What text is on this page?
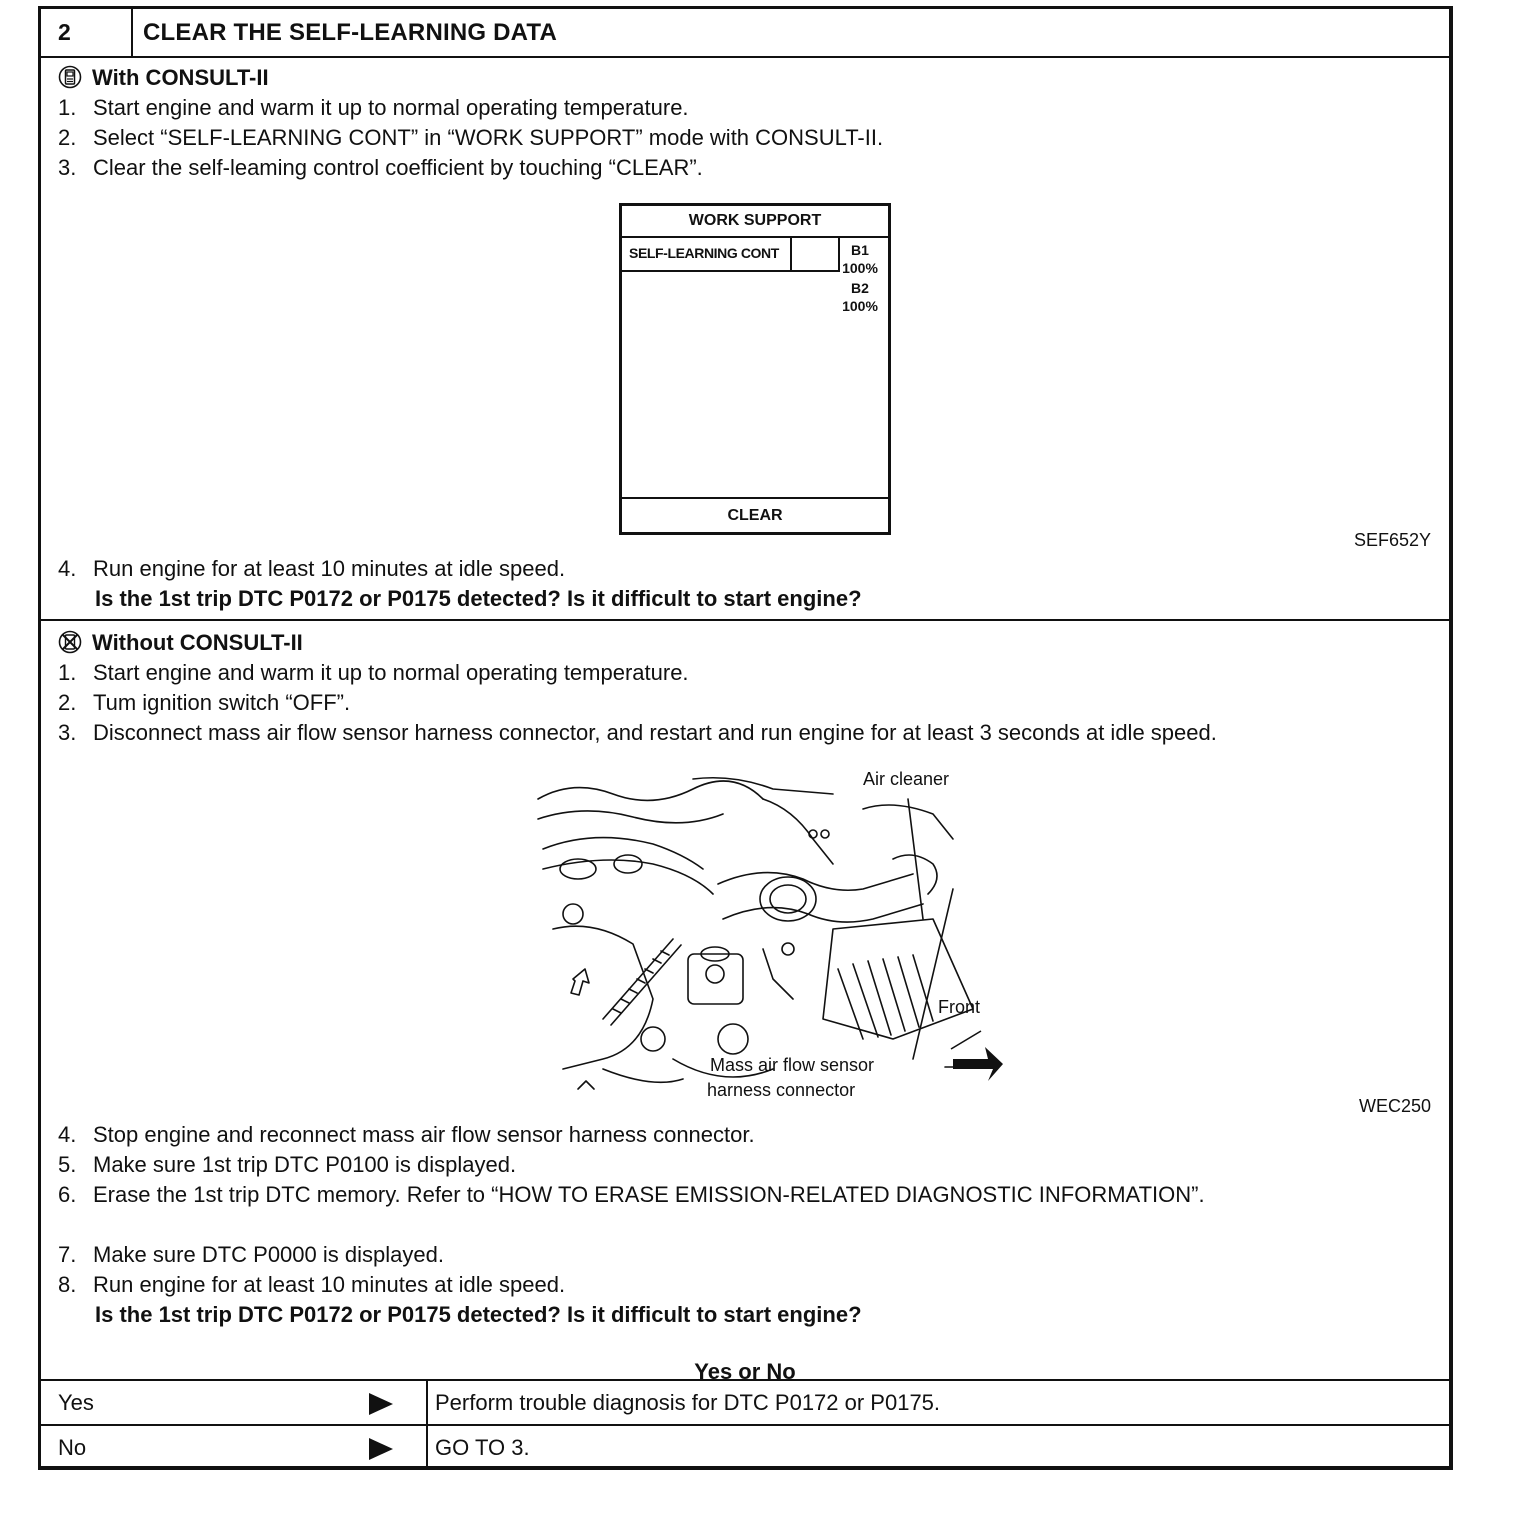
2	CLEAR THE SELF-LEARNING DATA
With CONSULT-II
1. Start engine and warm it up to normal operating temperature.
2. Select “SELF-LEARNING CONT” in “WORK SUPPORT” mode with CONSULT-II.
3. Clear the self-leaming control coefficient by touching “CLEAR”.
WORK SUPPORT
SELF-LEARNING CONT	B1
100%
B2
100%
CLEAR
SEF652Y
4. Run engine for at least 10 minutes at idle speed.
Is the 1st trip DTC P0172 or P0175 detected? Is it difficult to start engine?
Without CONSULT-II
1. Start engine and warm it up to normal operating temperature.
2. Tum ignition switch “OFF”.
3. Disconnect mass air flow sensor harness connector, and restart and run engine for at least 3 seconds at idle speed.
Air cleaner
Front
Mass air flow sensor
harness connector
WEC250
4. Stop engine and reconnect mass air flow sensor harness connector.
5. Make sure 1st trip DTC P0100 is displayed.
6. Erase the 1st trip DTC memory. Refer to “HOW TO ERASE EMISSION-RELATED DIAGNOSTIC INFORMATION”.
7. Make sure DTC P0000 is displayed.
8. Run engine for at least 10 minutes at idle speed.
Is the 1st trip DTC P0172 or P0175 detected? Is it difficult to start engine?
Yes or No
Yes	Perform trouble diagnosis for DTC P0172 or P0175.
No	GO TO 3.
